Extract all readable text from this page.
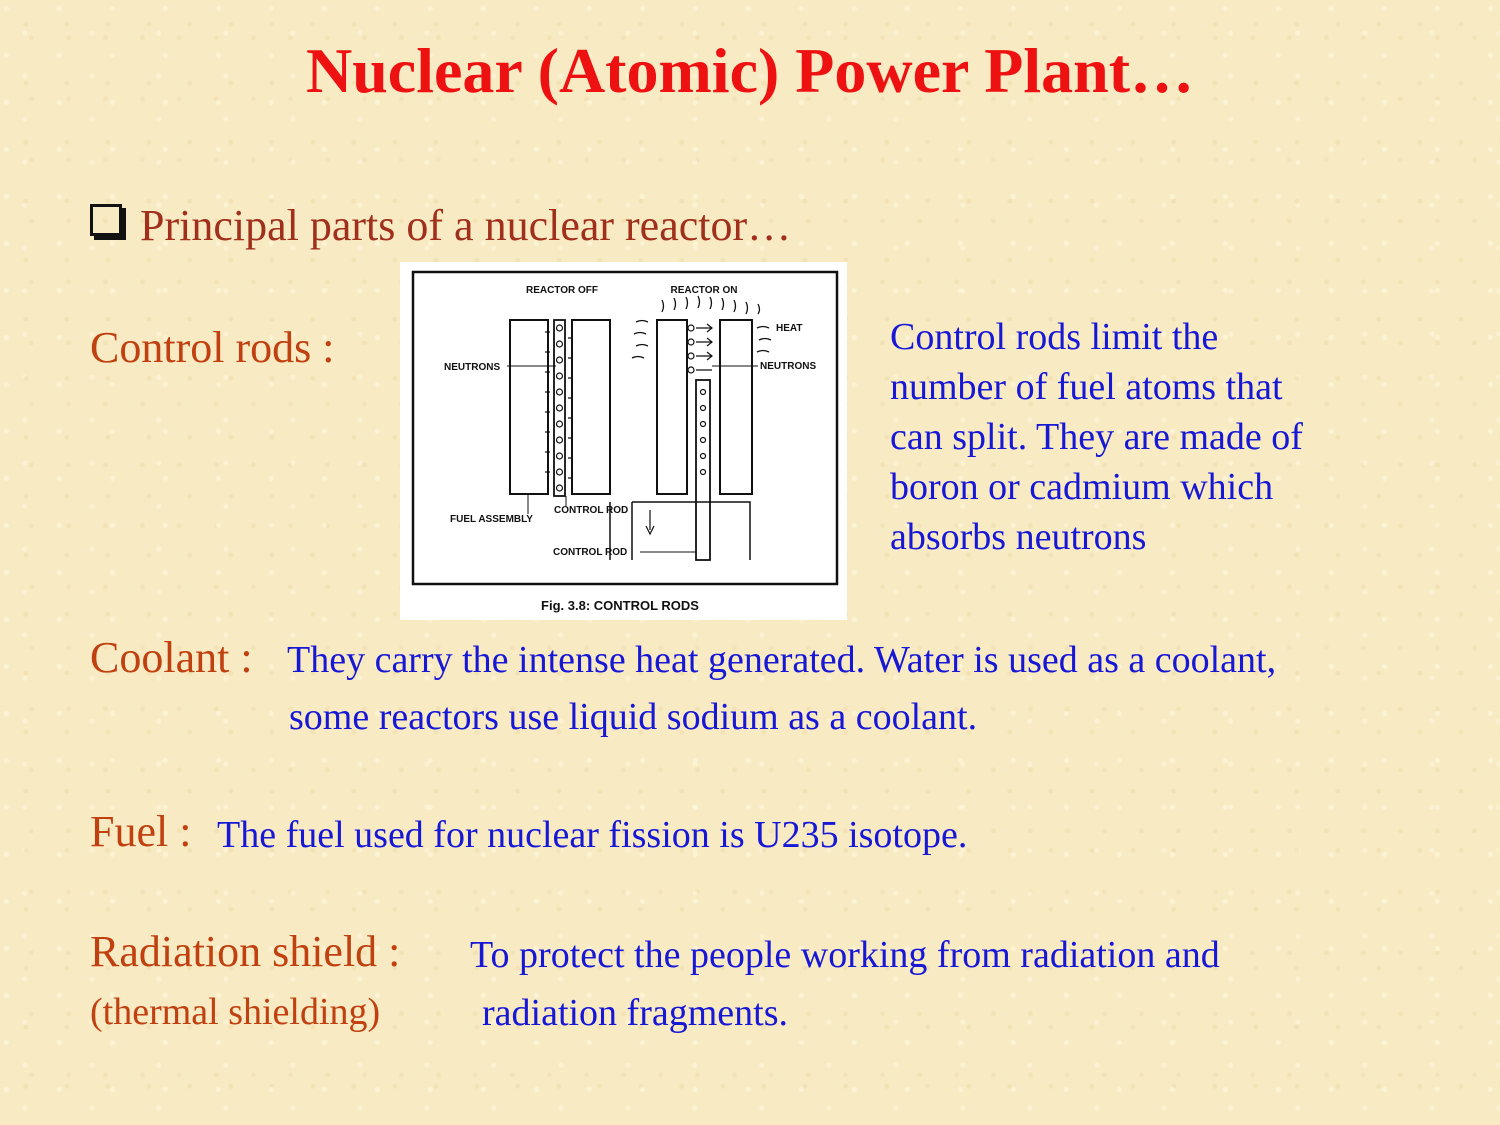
Nuclear (Atomic) Power Plant…
Principal parts of a nuclear reactor…
Control rods :
REACTOR OFF	REACTOR ON
HEAT
NEUTRONS
FUEL ASSEMBLY
CONTROL ROD
NEUTRONS
CONTROL ROD
Fig. 3.8: CONTROL RODS
Control rods limit the
number of fuel atoms that
can split. They are made of
boron or cadmium which
absorbs neutrons
Coolant : They carry the intense heat generated. Water is used as a coolant,
some reactors use liquid sodium as a coolant.
Fuel : The fuel used for nuclear fission is U235 isotope.
Radiation shield :
(thermal shielding)
To protect the people working from radiation and
radiation fragments.
